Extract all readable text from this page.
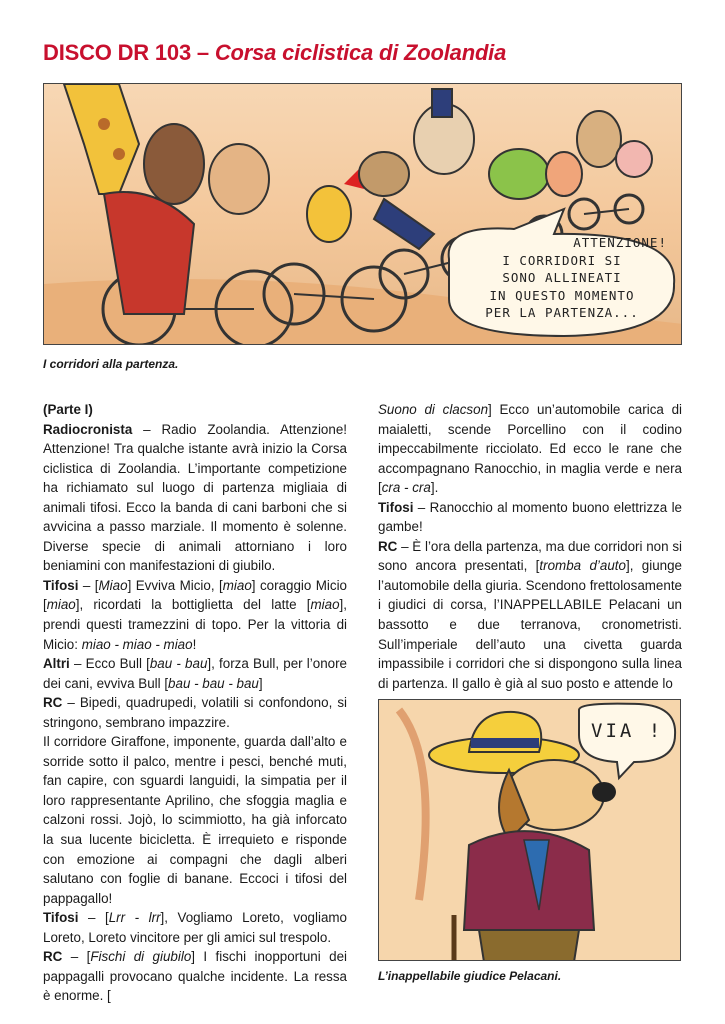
DISCO DR 103 – Corsa ciclistica di Zoolandia
ATTENZIONE!
I CORRIDORI SI
SONO ALLINEATI
IN QUESTO MOMENTO
PER LA PARTENZA...

I corridori alla partenza.

(Parte I)

Radiocronista – Radio Zoolandia. Attenzione! Attenzione! Tra qualche istante avrà inizio la Corsa ciclistica di Zoolandia. L’importante competizione ha richiamato sul luogo di partenza migliaia di animali tifosi. Ecco la banda di cani barboni che si avvicina a passo marziale. Il momento è solenne. Diverse specie di animali attorniano i loro beniamini con manifestazioni di giubilo.

Tifosi – [Miao] Evviva Micio, [miao] coraggio Micio [miao], ricordati la bottiglietta del latte [miao], prendi questi tramezzini di topo. Per la vittoria di Micio: miao - miao - miao!

Altri – Ecco Bull [bau - bau], forza Bull, per l’onore dei cani, evviva Bull [bau - bau - bau]

RC – Bipedi, quadrupedi, volatili si confondono, si stringono, sembrano impazzire.

Il corridore Giraffone, imponente, guarda dall’alto e sorride sotto il palco, mentre i pesci, benché muti, fan capire, con sguardi languidi, la simpatia per il loro rappresentante Aprilino, che sfoggia maglia e calzoni rossi. Jojò, lo scimmiotto, ha già inforcato la sua lucente bicicletta. È irrequieto e risponde con emozione ai compagni che dagli alberi salutano con foglie di banane. Eccoci i tifosi del pappagallo!

Tifosi – [Lrr - lrr], Vogliamo Loreto, vogliamo Loreto, Loreto vincitore per gli amici sul trespolo.

RC – [Fischi di giubilo] I fischi inopportuni dei pappagalli provocano qualche incidente. La ressa è enorme. [

Suono di clacson] Ecco un’automobile carica di maialetti, scende Porcellino con il codino impeccabilmente ricciolato. Ed ecco le rane che accompagnano Ranocchio, in maglia verde e nera [cra - cra].

Tifosi – Ranocchio al momento buono elettrizza le gambe!

RC – È l’ora della partenza, ma due corridori non si sono ancora presentati, [tromba d’auto], giunge l’automobile della giuria. Scendono frettolosamente i giudici di corsa, l’INAPPELLABILE Pelacani un bassotto e due terranova, cronometristi. Sull’imperiale dell’auto una civetta guarda impassibile i corridori che si dispongono sulla linea di partenza. Il gallo è già al suo posto e attende lo

VIA !

L’inappellabile giudice Pelacani.
